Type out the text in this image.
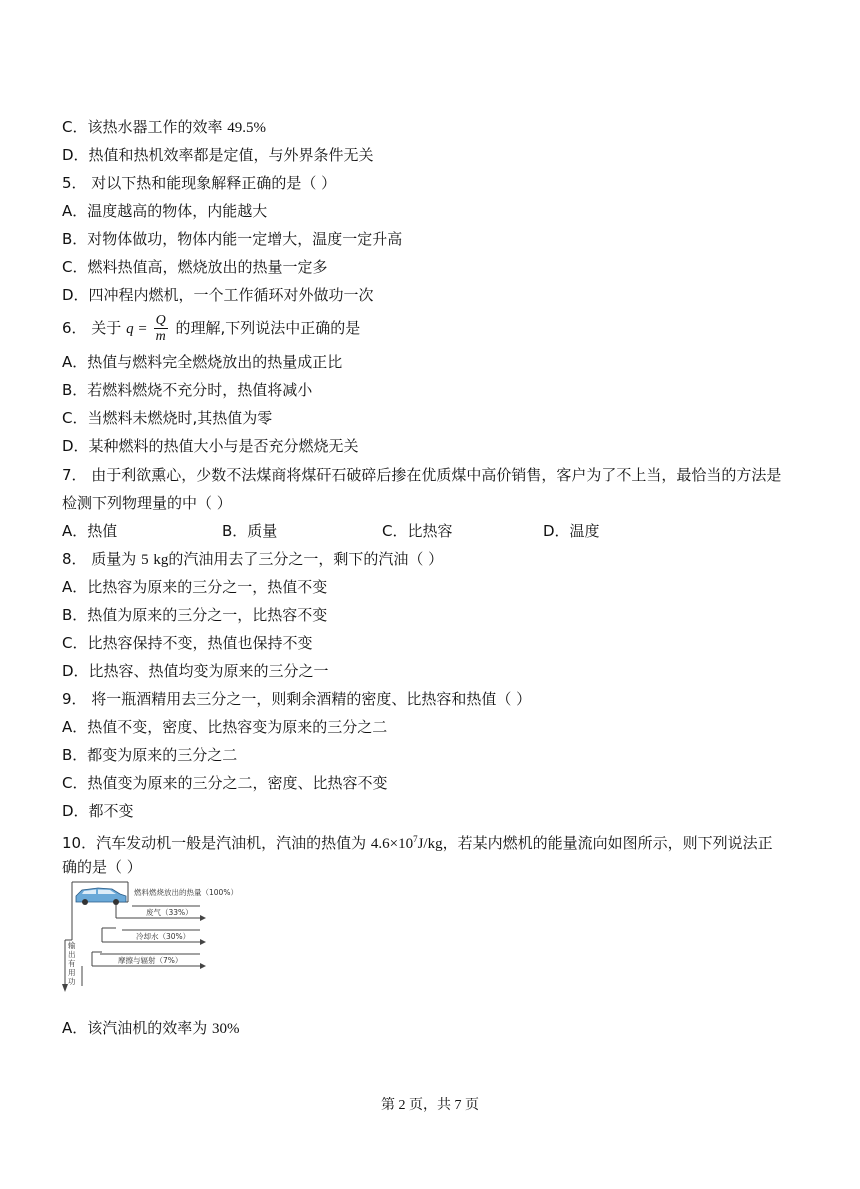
C．该热水器工作的效率 49.5%
D．热值和热机效率都是定值，与外界条件无关
5． 对以下热和能现象解释正确的是（ ）
A．温度越高的物体，内能越大
B．对物体做功，物体内能一定增大，温度一定升高
C．燃料热值高，燃烧放出的热量一定多
D．四冲程内燃机，一个工作循环对外做功一次
6． 关于 $q = \frac{Q}{m}$ 的理解,下列说法中正确的是
A．热值与燃料完全燃烧放出的热量成正比
B．若燃料燃烧不充分时，热值将减小
C．当燃料未燃烧时,其热值为零
D．某种燃料的热值大小与是否充分燃烧无关
7． 由于利欲熏心，少数不法煤商将煤矸石破碎后掺在优质煤中高价销售，客户为了不上当，最恰当的方法是
检测下列物理量的中（ ）
A．热值	B．质量	C．比热容	D．温度
8． 质量为 5 kg的汽油用去了三分之一，剩下的汽油（ ）
A．比热容为原来的三分之一，热值不变
B．热值为原来的三分之一，比热容不变
C．比热容保持不变，热值也保持不变
D．比热容、热值均变为原来的三分之一
9． 将一瓶酒精用去三分之一，则剩余酒精的密度、比热容和热值（ ）
A．热值不变，密度、比热容变为原来的三分之二
B．都变为原来的三分之二
C．热值变为原来的三分之二，密度、比热容不变
D．都不变
10．汽车发动机一般是汽油机，汽油的热值为 $4.6\times 10^7J/kg$，若某内燃机的能量流向如图所示，则下列说法正
确的是（ ）
燃料燃烧放出的热量（100%）
废气（33%）
冷却水（30%）
摩擦与辐射（7%）
输
出
有
用
功
A．该汽油机的效率为 30%
第 2 页，共 7 页
